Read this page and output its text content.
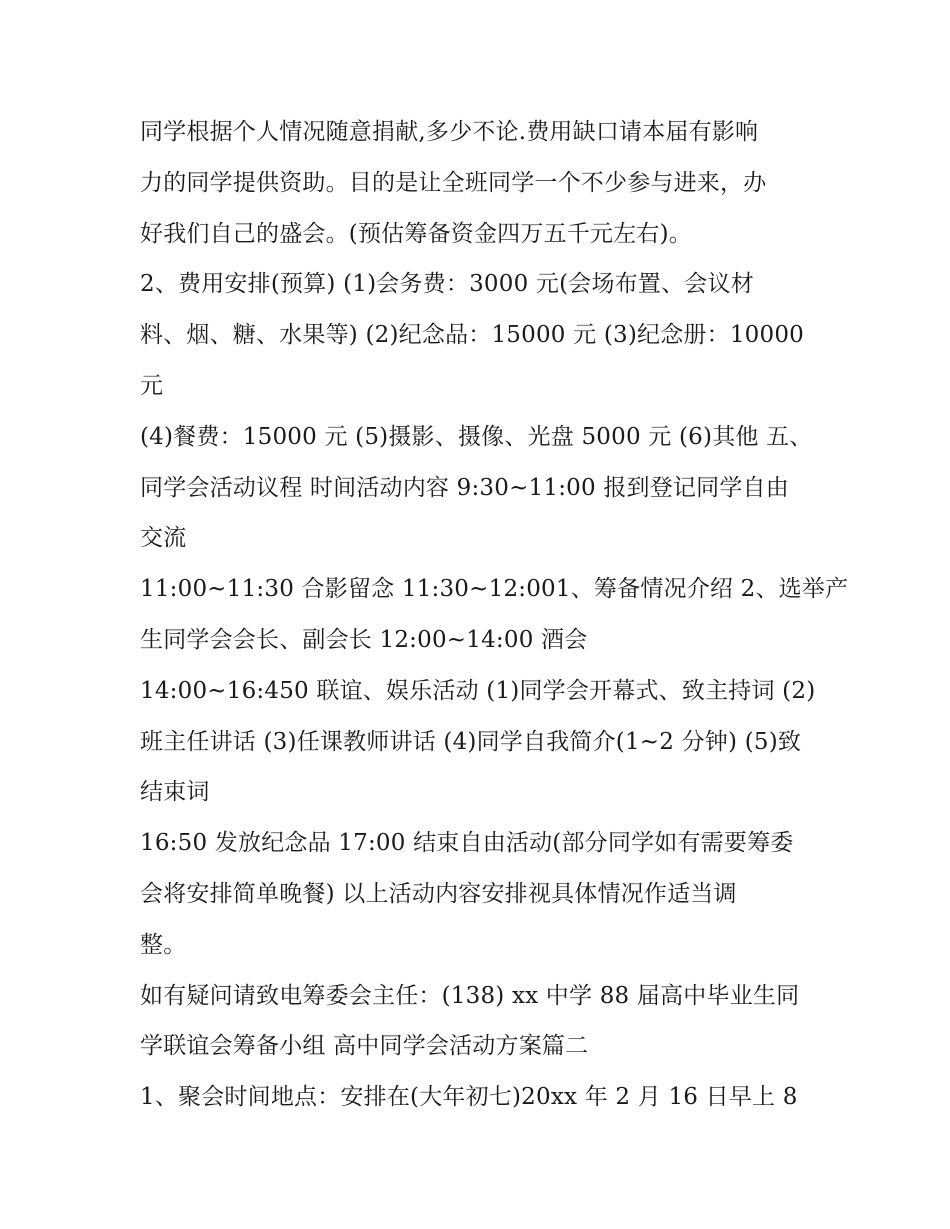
同学根据个人情况随意捐献,多少不论.费用缺口请本届有影响
力的同学提供资助。目的是让全班同学一个不少参与进来，办
好我们自己的盛会。(预估筹备资金四万五千元左右)。
2、费用安排(预算) (1)会务费：3000 元(会场布置、会议材
料、烟、糖、水果等) (2)纪念品：15000 元 (3)纪念册：10000
元
(4)餐费：15000 元 (5)摄影、摄像、光盘 5000 元 (6)其他 五、
同学会活动议程 时间活动内容 9:30~11:00 报到登记同学自由
交流
11:00~11:30 合影留念 11:30~12:001、筹备情况介绍 2、选举产
生同学会会长、副会长 12:00~14:00 酒会
14:00~16:450 联谊、娱乐活动 (1)同学会开幕式、致主持词 (2)
班主任讲话 (3)任课教师讲话 (4)同学自我简介(1~2 分钟) (5)致
结束词
16:50 发放纪念品 17:00 结束自由活动(部分同学如有需要筹委
会将安排简单晚餐) 以上活动内容安排视具体情况作适当调
整。
如有疑问请致电筹委会主任：(138) xx 中学 88 届高中毕业生同
学联谊会筹备小组 高中同学会活动方案篇二
1、聚会时间地点：安排在(大年初七)20xx 年 2 月 16 日早上 8
